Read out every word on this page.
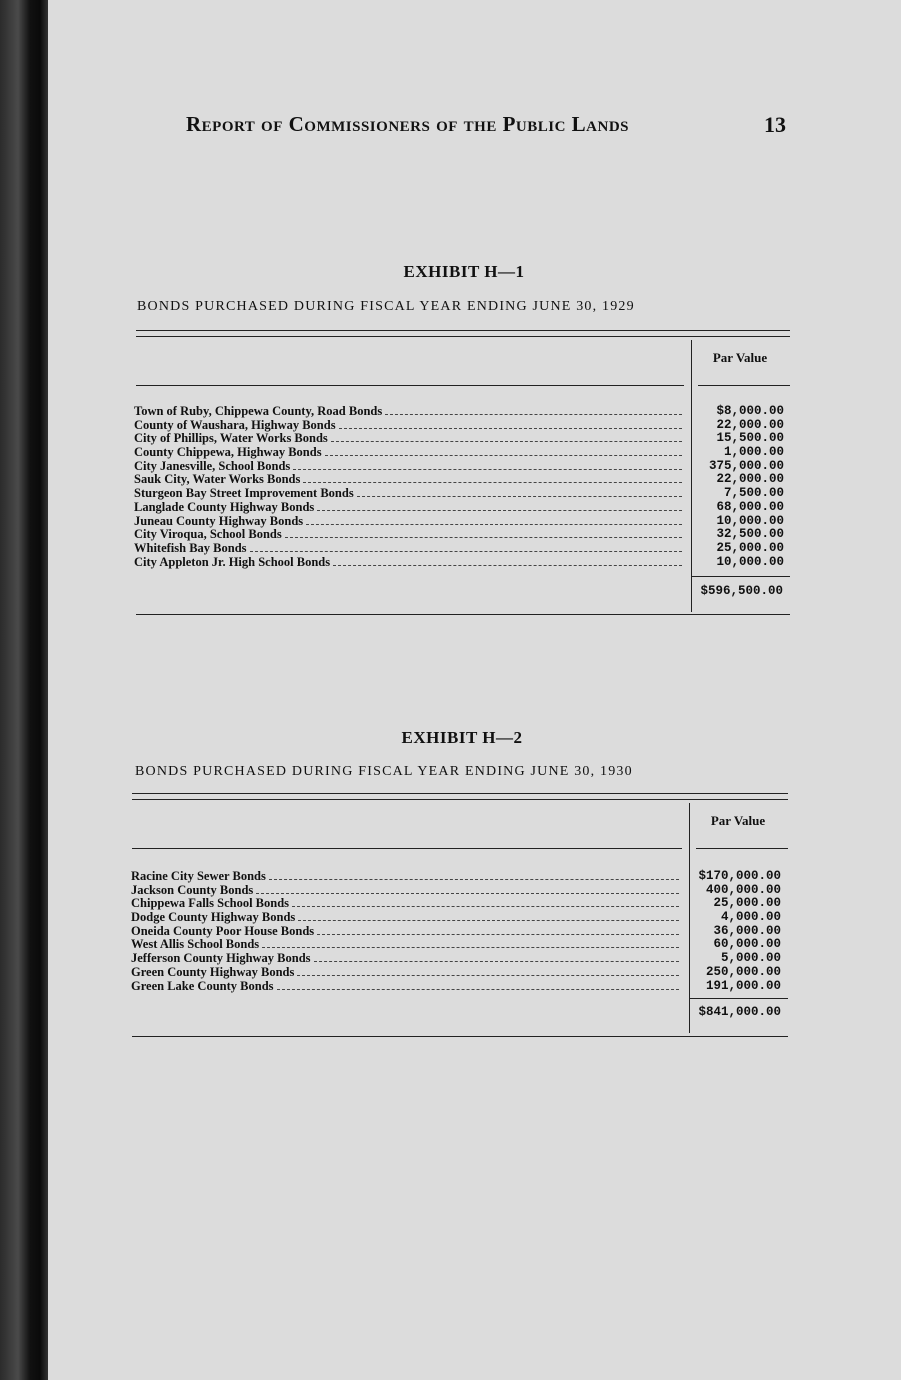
Report of Commissioners of the Public Lands	13
EXHIBIT H—1
BONDS PURCHASED DURING FISCAL YEAR ENDING JUNE 30, 1929
Par Value
Town of Ruby, Chippewa County, Road Bonds	$8,000.00
County of Waushara, Highway Bonds	22,000.00
City of Phillips, Water Works Bonds	15,500.00
County Chippewa, Highway Bonds	1,000.00
City Janesville, School Bonds	375,000.00
Sauk City, Water Works Bonds	22,000.00
Sturgeon Bay Street Improvement Bonds	7,500.00
Langlade County Highway Bonds	68,000.00
Juneau County Highway Bonds	10,000.00
City Viroqua, School Bonds	32,500.00
Whitefish Bay Bonds	25,000.00
City Appleton Jr. High School Bonds	10,000.00
$596,500.00
EXHIBIT H—2
BONDS PURCHASED DURING FISCAL YEAR ENDING JUNE 30, 1930
Par Value
Racine City Sewer Bonds	$170,000.00
Jackson County Bonds	400,000.00
Chippewa Falls School Bonds	25,000.00
Dodge County Highway Bonds	4,000.00
Oneida County Poor House Bonds	36,000.00
West Allis School Bonds	60,000.00
Jefferson County Highway Bonds	5,000.00
Green County Highway Bonds	250,000.00
Green Lake County Bonds	191,000.00
$841,000.00
